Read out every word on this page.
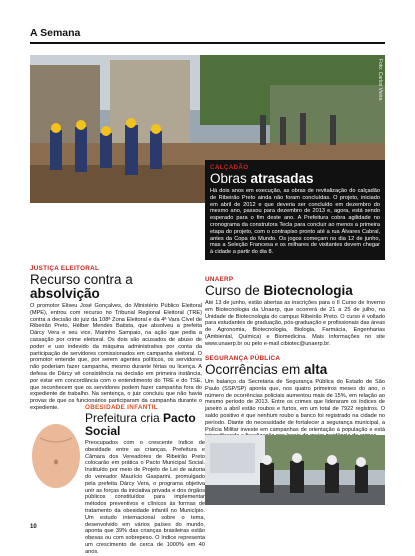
A Semana
Foto: Carlos Vieira
CALÇADÃO
Obras atrasadas
Há dois anos em execução, as obras de revitalização do calçadão de Ribeirão Preto ainda não foram concluídas. O projeto, iniciado em abril de 2012 e que deveria ser concluído em dezembro do mesmo ano, passou para dezembro de 2013 e, agora, está sendo esperado para o fim deste ano. A Prefeitura cobra agilidade no cronograma da construtora Tecla para concluir ao menos a primeira etapa do projeto, com o contrapiso pronto até a rua Álvares Cabral, antes da Copa do Mundo. Os jogos começam no dia 12 de junho, mas a Seleção Francesa e os milhares de visitantes devem chegar à cidade a partir do dia 8.
JUSTIÇA ELEITORAL
Recurso contra a absolvição
O promotor Eliseu José Gonçalves, do Ministério Público Eleitoral (MPE), entrou com recurso no Tribunal Regional Eleitoral (TRE) contra a decisão do juiz da 108ª Zona Eleitoral e da 4ª Vara Cível de Ribeirão Preto, Hélber Mendes Batista, que absolveu a prefeita Dárcy Vera e seu vice, Marinho Sampaio, na ação que pedia a cassação por crime eleitoral. Os dois são acusados de abuso de poder e uso indevido da máquina administrativa por conta da participação de servidores comissionados em campanha eleitoral. O promotor entende que, por serem agentes políticos, os servidores não poderiam fazer campanha, mesmo durante férias ou licença. A defesa de Dárcy vê consistência na decisão em primeira instância, por estar em concordância com o entendimento do TRE e do TSE, que reconhecem que os servidores podem fazer campanha fora do expediente de trabalho. Na sentença, o juiz concluiu que não havia provas de que os funcionários participaram da campanha durante o expediente.
UNAERP
Curso de Biotecnologia
Até 13 de junho, estão abertas as inscrições para o II Curso de Inverno em Biotecnologia da Unaerp, que ocorrerá de 21 a 25 de julho, na Unidade de Biotecnologia do campus Ribeirão Preto. O curso é voltado para estudantes de graduação, pós-graduação e profissionais das áreas de Agronomia, Biotecnologia, Biologia, Farmácia, Engenharias (Ambiental, Química) e Biomedicina. Mais informações no site www.unaerp.br ou pelo e-mail cibiotec@unaerp.br.
SEGURANÇA PÚBLICA
Ocorrências em alta
Um balanço da Secretaria de Segurança Pública do Estado de São Paulo (SSP/SP) aponta que, nos quatro primeiros meses do ano, o número de ocorrências policiais aumentou mais de 15%, em relação ao mesmo período de 2013. Entre os crimes que lideraram os índices de janeiro a abril estão roubos e furtos, em um total de 7922 registros. O saldo positivo é que nenhum roubo a banco foi registrado na cidade no período. Diante do necessidade de fortalecer a segurança municipal, a Polícia Militar investe em campanhas de orientação à população e está
OBESIDADE INFANTIL
Prefeitura cria Pacto Social
Preocupados com o crescente índice de obesidade entre as crianças, Prefeitura e Câmara dos Vereadores de Ribeirão Preto colocarão em prática o Pacto Municipal Social. Instituído por meio de Projeto de Lei de autoria do vereador Maurício Gasparini, promulgado pela prefeita Dárcy Vera, o programa objetiva unir as forças da iniciativa privada e dos órgãos públicos constituídos para implementar métodos preventivos e clínicos às formas de tratamento da obesidade infantil no Município. Um estudo internacional sobre o tema, desenvolvido em vários países do mundo, aponta que 39% das crianças brasileiras estão obesas ou com sobrepeso. O índice representa um crescimento de cerca de 1000% em 40 anos.
10
